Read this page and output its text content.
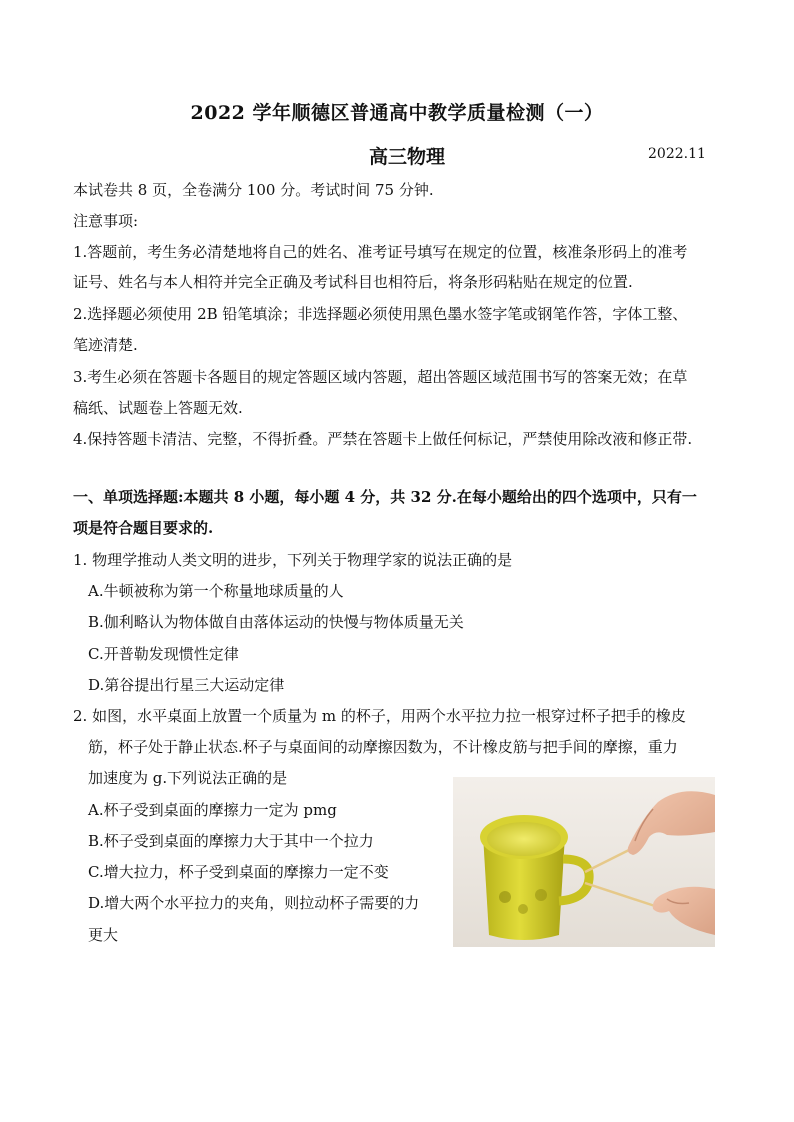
2022 学年顺德区普通高中教学质量检测（一）
高三物理	2022.11
本试卷共 8 页，全卷满分 100 分。考试时间 75 分钟.
注意事项:
1.答题前，考生务必清楚地将自己的姓名、准考证号填写在规定的位置，核准条形码上的准考
证号、姓名与本人相符并完全正确及考试科目也相符后，将条形码粘贴在规定的位置.
2.选择题必须使用 2B 铅笔填涂；非选择题必须使用黑色墨水签字笔或钢笔作答，字体工整、
笔迹清楚.
3.考生必须在答题卡各题目的规定答题区域内答题，超出答题区域范围书写的答案无效；在草
稿纸、试题卷上答题无效.
4.保持答题卡清洁、完整，不得折叠。严禁在答题卡上做任何标记，严禁使用除改液和修正带.
一、单项选择题:本题共 8 小题，每小题 4 分，共 32 分.在每小题给出的四个选项中，只有一
项是符合题目要求的.
1. 物理学推动人类文明的进步，下列关于物理学家的说法正确的是
A.牛顿被称为第一个称量地球质量的人
B.伽利略认为物体做自由落体运动的快慢与物体质量无关
C.开普勒发现惯性定律
D.第谷提出行星三大运动定律
2. 如图，水平桌面上放置一个质量为 m 的杯子，用两个水平拉力拉一根穿过杯子把手的橡皮
筋，杯子处于静止状态.杯子与桌面间的动摩擦因数为，不计橡皮筋与把手间的摩擦，重力
加速度为 g.下列说法正确的是
A.杯子受到桌面的摩擦力一定为 pmg
B.杯子受到桌面的摩擦力大于其中一个拉力
C.增大拉力，杯子受到桌面的摩擦力一定不变
D.增大两个水平拉力的夹角，则拉动杯子需要的力
更大
